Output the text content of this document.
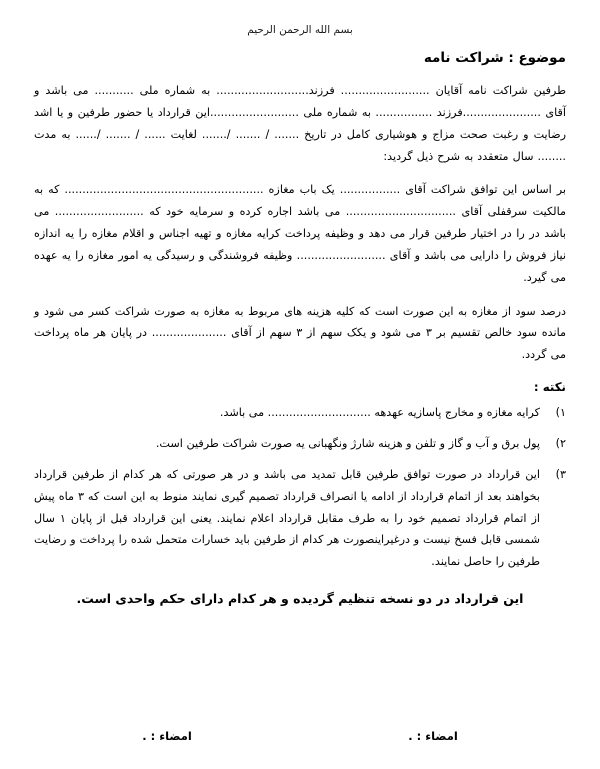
بسم الله الرحمن الرحیم
موضوع : شراکت نامه

طرفین شراکت نامه آقایان ......................... فرزند.......................... به شماره ملی ........... می باشد و آقای ......................فرزند ................ به شماره ملی .........................این قرارداد یا حضور طرفین و یا اشد رضایت و رغبت صحت مزاج و هوشیاری کامل در تاریخ ....... / ....... /....... لغایت ...... / ....... /...... به مدت ........ سال متعقدد به شرح ذیل گردید:

بر اساس این توافق شراکت آقای ................. یک باب مغازه ........................................................ که به مالکیت سرقفلی آقای ............................... می باشد اجاره کرده و سرمایه خود که ......................... می باشد در را در اختیار طرفین قرار می دهد و وظیفه پرداخت کرایه مغازه و تهیه اجناس و اقلام مغازه را یه اندازه نیاز فروش را دارایی می باشد و آقای ......................... وظیفه فروشندگی و رسیدگی یه امور مغازه را یه عهده می گیرد.

درصد سود از مغازه به این صورت است که کلیه هزینه های مربوط به مغازه به صورت شراکت کسر می شود و مانده سود خالص تقسیم بر ۳ می شود و یکک سهم از ۳ سهم از آقای ..................... در پایان هر ماه پرداخت می گردد.

نکته :
۱)
کرایه مغازه و مخارج پاسازیه عهدهه ............................. می باشد.
۲)
پول برق و آب و گاز و تلفن و هزینه شارژ ونگهبانی یه صورت شراکت طرفین است.
۳)
این قرارداد در صورت توافق طرفین قابل تمدید می باشد و در هر صورتی که هر کدام از طرفین قرارداد بخواهند بعد از اتمام قرارداد از ادامه یا انصراف قرارداد تصمیم گیری نمایند منوط به این است که ۳ ماه پیش از اتمام قرارداد تصمیم خود را به طرف مقابل قرارداد اعلام نمایند. یعنی این قرارداد قبل از پایان ۱ سال شمسی قابل فسخ نیست و درغیراینصورت هر کدام از طرفین باید خسارات متحمل شده را پرداخت و رضایت طرفین را حاصل نمایند.
این قرارداد در دو نسخه تنظیم گردیده و هر کدام دارای حکم واحدی است.
امضاء : .
امضاء : .
